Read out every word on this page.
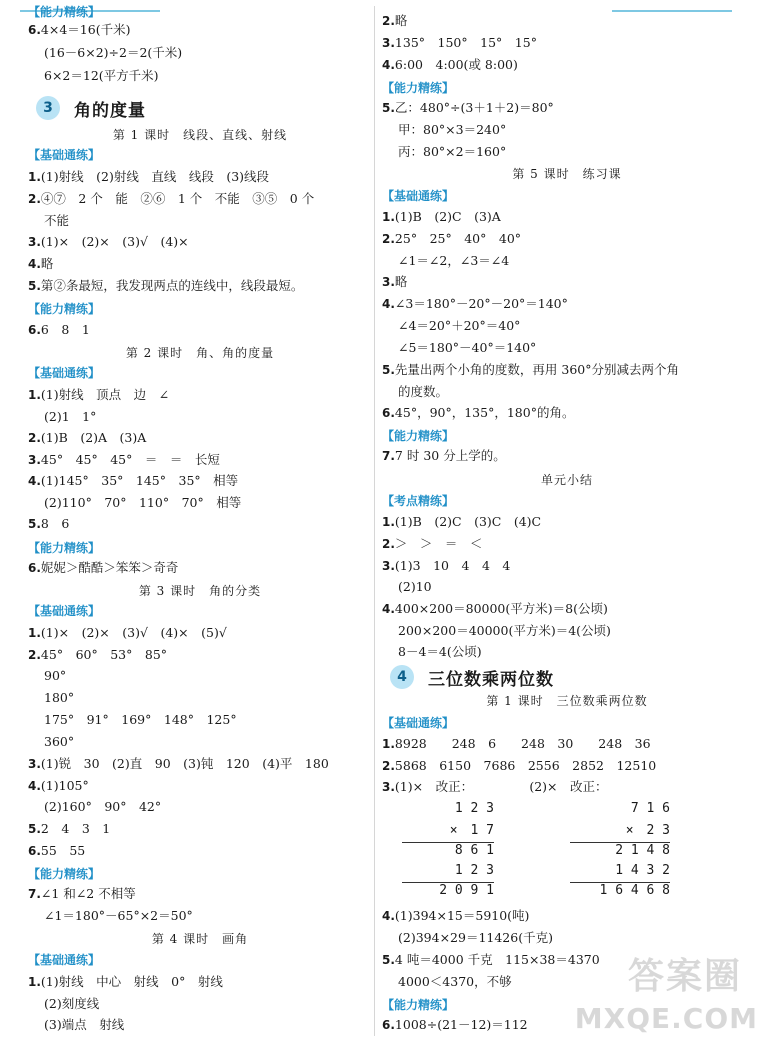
【能力精练】
6.4×4＝16(千米)
(16－6×2)÷2＝2(千米)
6×2＝12(平方千米)
3	角的度量
第 1 课时　线段、直线、射线
【基础通练】
1.(1)射线　(2)射线　直线　线段　(3)线段
2.④⑦　2 个　能　②⑥　1 个　不能　③⑤　0 个
不能
3.(1)×　(2)×　(3)√　(4)×
4.略
5.第②条最短，我发现两点的连线中，线段最短。
【能力精练】
6.6　8　1
第 2 课时　角、角的度量
【基础通练】
1.(1)射线　顶点　边　∠
(2)1　1°
2.(1)B　(2)A　(3)A
3.45°　45°　45°　＝　＝　长短
4.(1)145°　35°　145°　35°　相等
(2)110°　70°　110°　70°　相等
5.8　6
【能力精练】
6.妮妮＞酷酷＞笨笨＞奇奇
第 3 课时　角的分类
【基础通练】
1.(1)×　(2)×　(3)√　(4)×　(5)√
2.45°　60°　53°　85°
90°
180°
175°　91°　169°　148°　125°
360°
3.(1)锐　30　(2)直　90　(3)钝　120　(4)平　180
4.(1)105°
(2)160°　90°　42°
5.2　4　3　1
6.55　55
【能力精练】
7.∠1 和∠2 不相等
∠1＝180°－65°×2＝50°
第 4 课时　画角
【基础通练】
1.(1)射线　中心　射线　0°　射线
(2)刻度线
(3)端点　射线
2.略
3.135°　150°　15°　15°
4.6:00　4:00(或 8:00)
【能力精练】
5.乙：480°÷(3＋1＋2)＝80°
甲：80°×3＝240°
丙：80°×2＝160°
第 5 课时　练习课
【基础通练】
1.(1)B　(2)C　(3)A
2.25°　25°　40°　40°
∠1＝∠2，∠3＝∠4
3.略
4.∠3＝180°－20°－20°＝140°
∠4＝20°＋20°＝40°
∠5＝180°－40°＝140°
5.先量出两个小角的度数，再用 360°分别减去两个角
的度数。
6.45°，90°，135°，180°的角。
【能力精练】
7.7 时 30 分上学的。
单元小结
【考点精练】
1.(1)B　(2)C　(3)C　(4)C
2.＞　＞　＝　＜
3.(1)3　10　4　4　4
(2)10
4.400×200＝80000(平方米)＝8(公顷)
200×200＝40000(平方米)＝4(公顷)
8－4＝4(公顷)
4	三位数乘两位数
第 1 课时　三位数乘两位数
【基础通练】
1.8928　　248　6　　248　30　　248　36
2.5868　6150　7686　2556　2852　12510
3.(1)×　改正：　　　　　(2)×　改正：
1 2 3
×　1 7
8 6 1
1 2 3
2 0 9 1
7 1 6
×　2 3
2 1 4 8
1 4 3 2
1 6 4 6 8
4.(1)394×15＝5910(吨)
(2)394×29＝11426(千克)
5.4 吨＝4000 千克　115×38＝4370
4000＜4370，不够
【能力精练】
6.1008÷(21－12)＝112
答案圈
MXQE.COM
